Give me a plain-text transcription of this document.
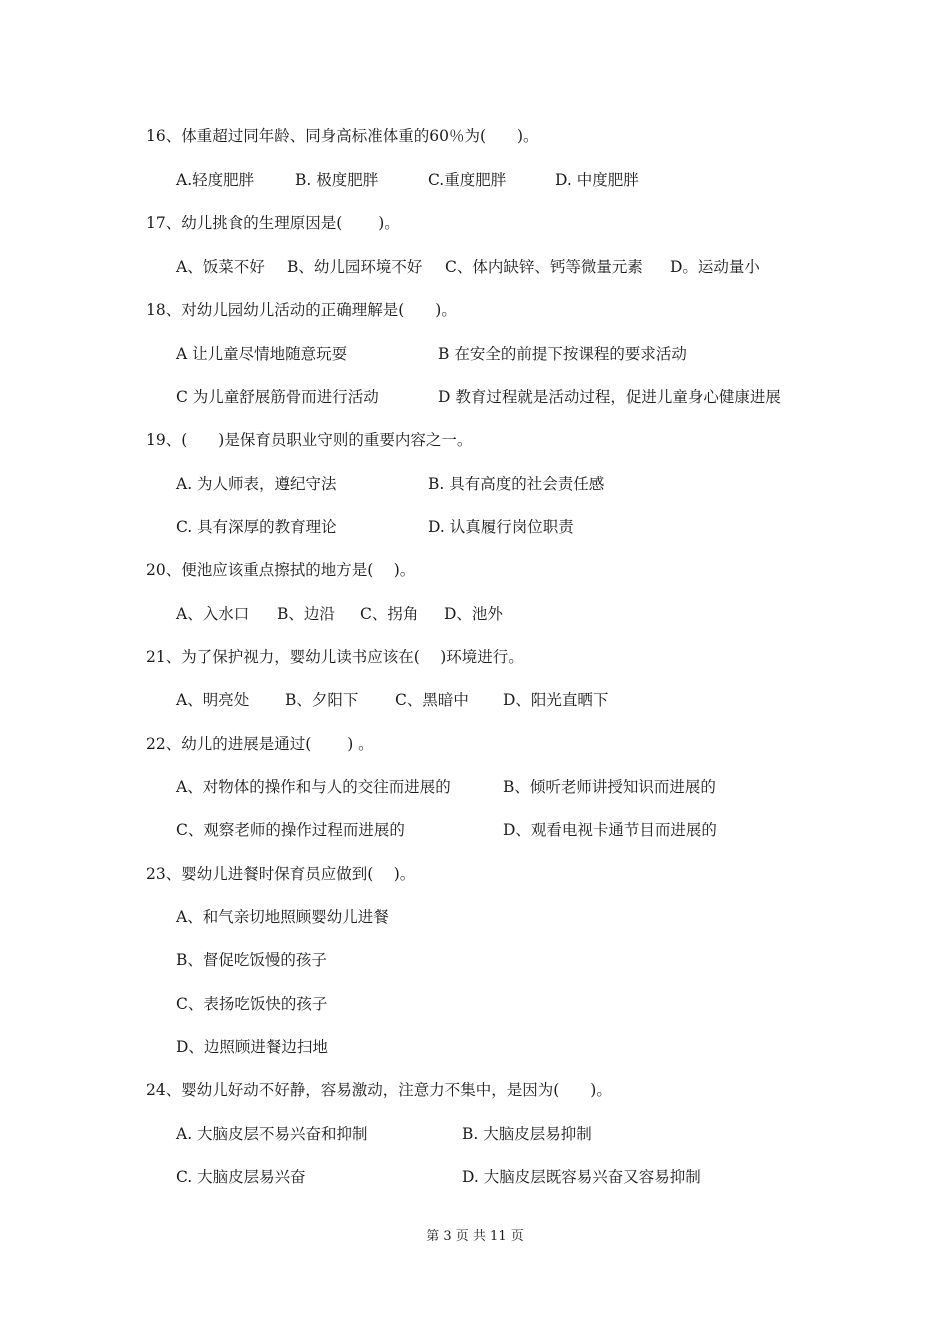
16、体重超过同年龄、同身高标准体重的60％为(　　)。
A.轻度肥胖	B. 极度肥胖	C.重度肥胖	D. 中度肥胖
17、幼儿挑食的生理原因是(　　 )。
A、饭菜不好 B、幼儿园环境不好 C、体内缺锌、钙等微量元素 D。运动量小
18、对幼儿园幼儿活动的正确理解是(　　)。
A 让儿童尽情地随意玩耍	B 在安全的前提下按课程的要求活动
C 为儿童舒展筋骨而进行活动	D 教育过程就是活动过程，促进儿童身心健康进展
19、(　　)是保育员职业守则的重要内容之一。
A. 为人师表，遵纪守法	B. 具有高度的社会责任感
C. 具有深厚的教育理论	D. 认真履行岗位职责
20、便池应该重点擦拭的地方是(　 )。
A、入水口 B、边沿 C、拐角 D、池外
21、为了保护视力，婴幼儿读书应该在(　 )环境进行。
A、明亮处 B、夕阳下 C、黑暗中 D、阳光直晒下
22、幼儿的进展是通过(　　 ) 。
A、对物体的操作和与人的交往而进展的	B、倾听老师讲授知识而进展的
C、观察老师的操作过程而进展的	D、观看电视卡通节目而进展的
23、婴幼儿进餐时保育员应做到(　 )。
A、和气亲切地照顾婴幼儿进餐
B、督促吃饭慢的孩子
C、表扬吃饭快的孩子
D、边照顾进餐边扫地
24、婴幼儿好动不好静，容易激动，注意力不集中，是因为(　　)。
A. 大脑皮层不易兴奋和抑制	B. 大脑皮层易抑制
C. 大脑皮层易兴奋	D. 大脑皮层既容易兴奋又容易抑制
第 3 页 共 11 页
